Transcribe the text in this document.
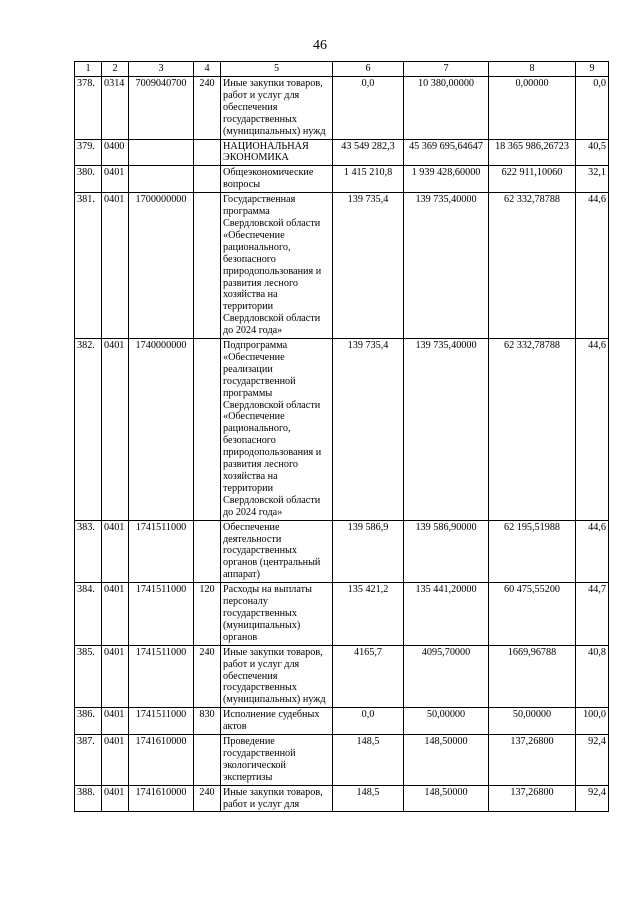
46
1	2	3	4	5	6	7	8	9
378.	0314	7009040700	240	Иные закупки товаров, работ и услуг для обеспечения государственных (муниципальных) нужд	0,0	10 380,00000	0,00000	0,0
379.	0400			НАЦИОНАЛЬНАЯ ЭКОНОМИКА	43 549 282,3	45 369 695,64647	18 365 986,26723	40,5
380.	0401			Общеэкономические вопросы	1 415 210,8	1 939 428,60000	622 911,10060	32,1
381.	0401	1700000000		Государственная программа Свердловской области «Обеспечение рационального, безопасного природопользования и развития лесного хозяйства на территории Свердловской области до 2024 года»	139 735,4	139 735,40000	62 332,78788	44,6
382.	0401	1740000000		Подпрограмма «Обеспечение реализации государственной программы Свердловской области «Обеспечение рационального, безопасного природопользования и развития лесного хозяйства на территории Свердловской области до 2024 года»	139 735,4	139 735,40000	62 332,78788	44,6
383.	0401	1741511000		Обеспечение деятельности государственных органов (центральный аппарат)	139 586,9	139 586,90000	62 195,51988	44,6
384.	0401	1741511000	120	Расходы на выплаты персоналу государственных (муниципальных) органов	135 421,2	135 441,20000	60 475,55200	44,7
385.	0401	1741511000	240	Иные закупки товаров, работ и услуг для обеспечения государственных (муниципальных) нужд	4165,7	4095,70000	1669,96788	40,8
386.	0401	1741511000	830	Исполнение судебных актов	0,0	50,00000	50,00000	100,0
387.	0401	1741610000		Проведение государственной экологической экспертизы	148,5	148,50000	137,26800	92,4
388.	0401	1741610000	240	Иные закупки товаров, работ и услуг для	148,5	148,50000	137,26800	92,4
